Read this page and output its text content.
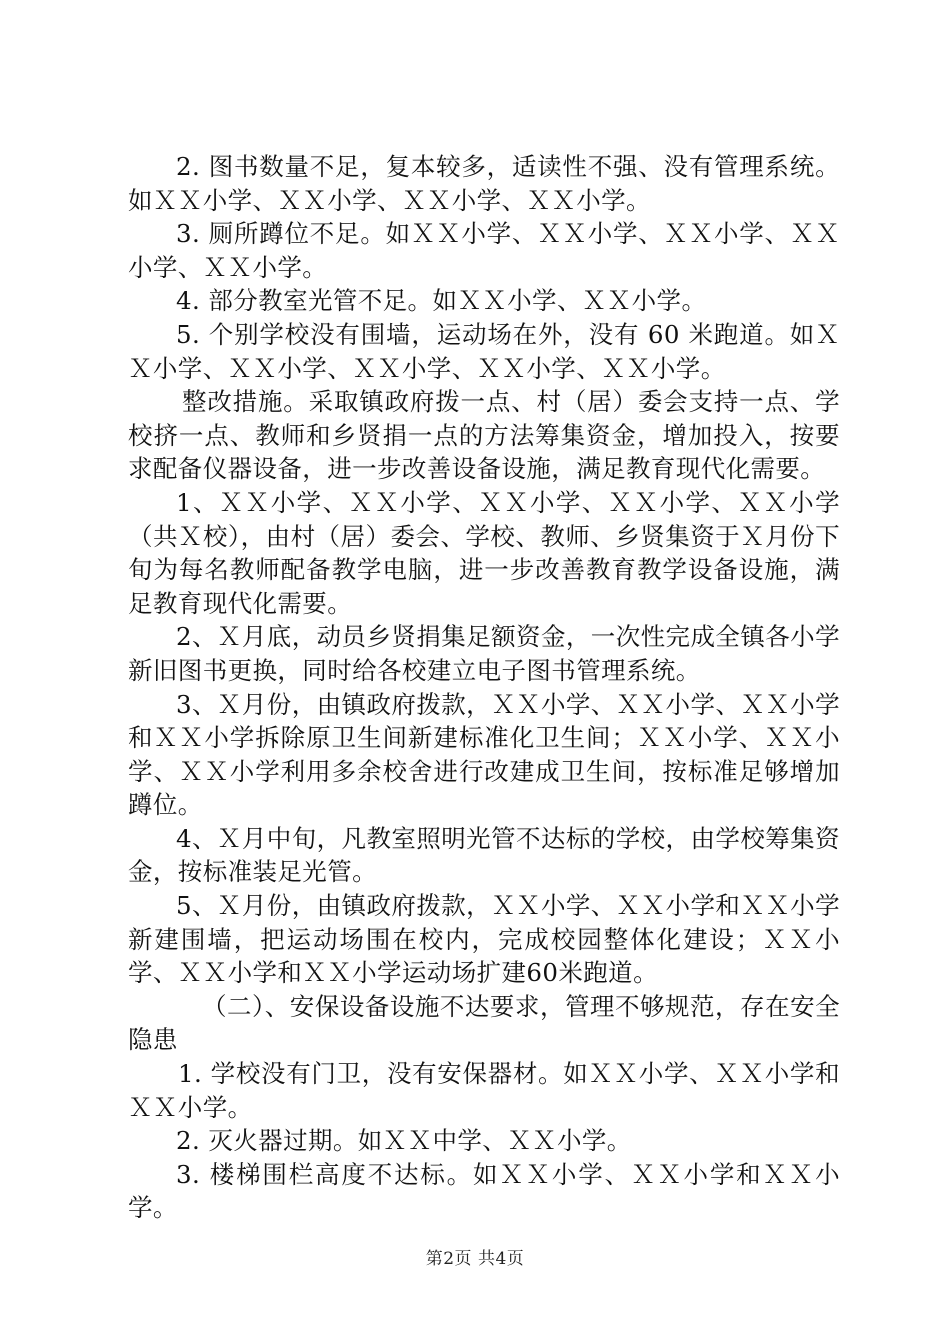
2. 图书数量不足，复本较多，适读性不强、没有管理系统。如ＸＸ小学、ＸＸ小学、ＸＸ小学、ＸＸ小学。

3. 厕所蹲位不足。如ＸＸ小学、ＸＸ小学、ＸＸ小学、ＸＸ小学、ＸＸ小学。

4. 部分教室光管不足。如ＸＸ小学、ＸＸ小学。

5. 个别学校没有围墙，运动场在外，没有 60 米跑道。如ＸＸ小学、ＸＸ小学、ＸＸ小学、ＸＸ小学、ＸＸ小学。

整改措施。采取镇政府拨一点、村（居）委会支持一点、学校挤一点、教师和乡贤捐一点的方法筹集资金，增加投入，按要求配备仪器设备，进一步改善设备设施，满足教育现代化需要。

1、ＸＸ小学、ＸＸ小学、ＸＸ小学、ＸＸ小学、ＸＸ小学（共Ｘ校），由村（居）委会、学校、教师、乡贤集资于Ｘ月份下旬为每名教师配备教学电脑，进一步改善教育教学设备设施，满足教育现代化需要。

2、Ｘ月底，动员乡贤捐集足额资金，一次性完成全镇各小学新旧图书更换，同时给各校建立电子图书管理系统。

3、Ｘ月份，由镇政府拨款，ＸＸ小学、ＸＸ小学、ＸＸ小学和ＸＸ小学拆除原卫生间新建标准化卫生间；ＸＸ小学、ＸＸ小学、ＸＸ小学利用多余校舍进行改建成卫生间，按标准足够增加蹲位。

4、Ｘ月中旬，凡教室照明光管不达标的学校，由学校筹集资金，按标准装足光管。

5、Ｘ月份，由镇政府拨款，ＸＸ小学、ＸＸ小学和ＸＸ小学新建围墙，把运动场围在校内，完成校园整体化建设；ＸＸ小学、ＸＸ小学和ＸＸ小学运动场扩建60米跑道。

（二）、安保设备设施不达要求，管理不够规范，存在安全隐患

1. 学校没有门卫，没有安保器材。如ＸＸ小学、ＸＸ小学和ＸＸ小学。

2. 灭火器过期。如ＸＸ中学、ＸＸ小学。

3. 楼梯围栏高度不达标。如ＸＸ小学、ＸＸ小学和ＸＸ小学。

第2页 共4页
